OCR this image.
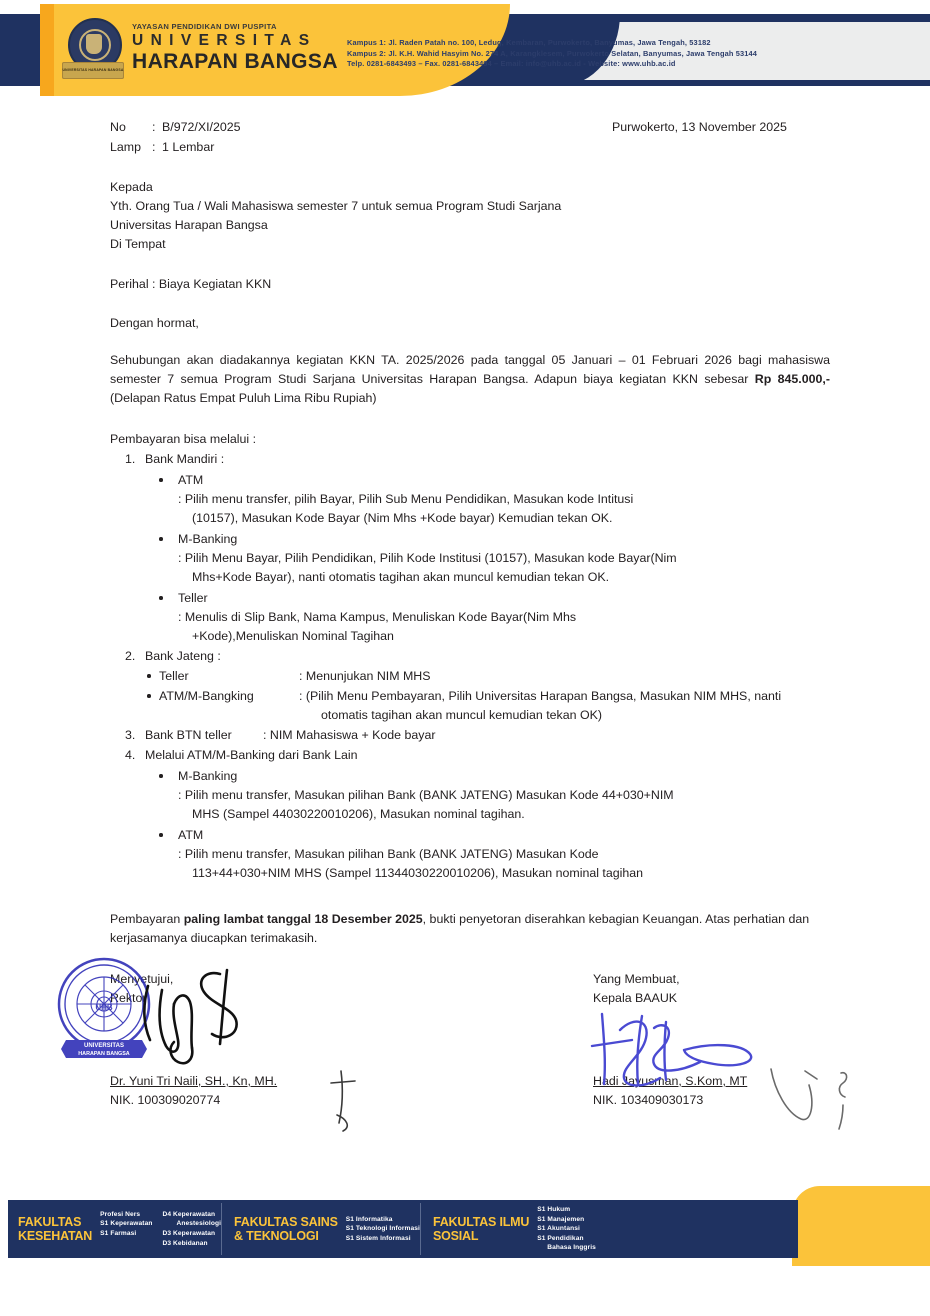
UNIVERSITAS HARAPAN BANGSA
YAYASAN PENDIDIKAN DWI PUSPITA
UNIVERSITAS
HARAPAN BANGSA
Kampus 1: Jl. Raden Patah no. 100, Ledug, Kembaran, Purwokerto, Banyumas, Jawa Tengah, 53182
Kampus 2: Jl. K.H. Wahid Hasyim No. 274 A, Karangklesem, Purwokerto Selatan, Banyumas, Jawa Tengah 53144
Telp. 0281-6843493 – Fax. 0281-6843494 – Email: info@uhb.ac.id - Website: www.uhb.ac.id
No : B/972/XI/2025
Lamp : 1 Lembar
Purwokerto, 13 November 2025
Kepada
Yth. Orang Tua / Wali Mahasiswa semester 7 untuk semua Program Studi Sarjana
Universitas Harapan Bangsa
Di Tempat
Perihal : Biaya Kegiatan KKN
Dengan hormat,
Sehubungan akan diadakannya kegiatan KKN TA. 2025/2026 pada tanggal 05 Januari – 01 Februari 2026 bagi mahasiswa semester 7 semua Program Studi Sarjana Universitas Harapan Bangsa. Adapun biaya kegiatan KKN sebesar Rp 845.000,- (Delapan Ratus Empat Puluh Lima Ribu Rupiah)
Pembayaran bisa melalui :
1. Bank Mandiri :
ATM: Pilih menu transfer, pilih Bayar, Pilih Sub Menu Pendidikan, Masukan kode Intitusi
(10157), Masukan Kode Bayar (Nim Mhs +Kode bayar) Kemudian tekan OK.
M-Banking: Pilih Menu Bayar, Pilih Pendidikan, Pilih Kode Institusi (10157), Masukan kode Bayar(Nim
Mhs+Kode Bayar), nanti otomatis tagihan akan muncul kemudian tekan OK.
Teller: Menulis di Slip Bank, Nama Kampus, Menuliskan Kode Bayar(Nim Mhs
+Kode),Menuliskan Nominal Tagihan
2. Bank Jateng :
Teller	: Menunjukan NIM MHS
ATM/M-Bangking	: (Pilih Menu Pembayaran, Pilih Universitas Harapan Bangsa, Masukan NIM MHS, nanti
otomatis tagihan akan muncul kemudian tekan OK)
3. Bank BTN teller	: NIM Mahasiswa + Kode bayar
4. Melalui ATM/M-Banking dari Bank Lain
M-Banking: Pilih menu transfer, Masukan pilihan Bank (BANK JATENG) Masukan Kode 44+030+NIM
MHS (Sampel 44030220010206), Masukan nominal tagihan.
ATM: Pilih menu transfer, Masukan pilihan Bank (BANK JATENG) Masukan Kode
113+44+030+NIM MHS (Sampel 11344030220010206), Masukan nominal tagihan
Pembayaran paling lambat tanggal 18 Desember 2025, bukti penyetoran diserahkan kebagian Keuangan. Atas perhatian dan kerjasamanya diucapkan terimakasih.
UNIVERSITAS
HARAPAN BANGSA
UHB
Menyetujui,
Rektor
Dr. Yuni Tri Naili, SH., Kn, MH.
NIK. 100309020774
Yang Membuat,
Kepala BAAUK
Hadi Jayusman, S.Kom, MT
NIK. 103409030173
FAKULTAS
KESEHATAN
Profesi Ners
S1 Keperawatan
S1 Farmasi
D4 Keperawatan
Anestesiologi
D3 Keperawatan
D3 Kebidanan
FAKULTAS SAINS
& TEKNOLOGI
S1 Informatika
S1 Teknologi Informasi
S1 Sistem Informasi
FAKULTAS ILMU
SOSIAL
S1 Hukum
S1 Manajemen
S1 Akuntansi
S1 Pendidikan
Bahasa Inggris
